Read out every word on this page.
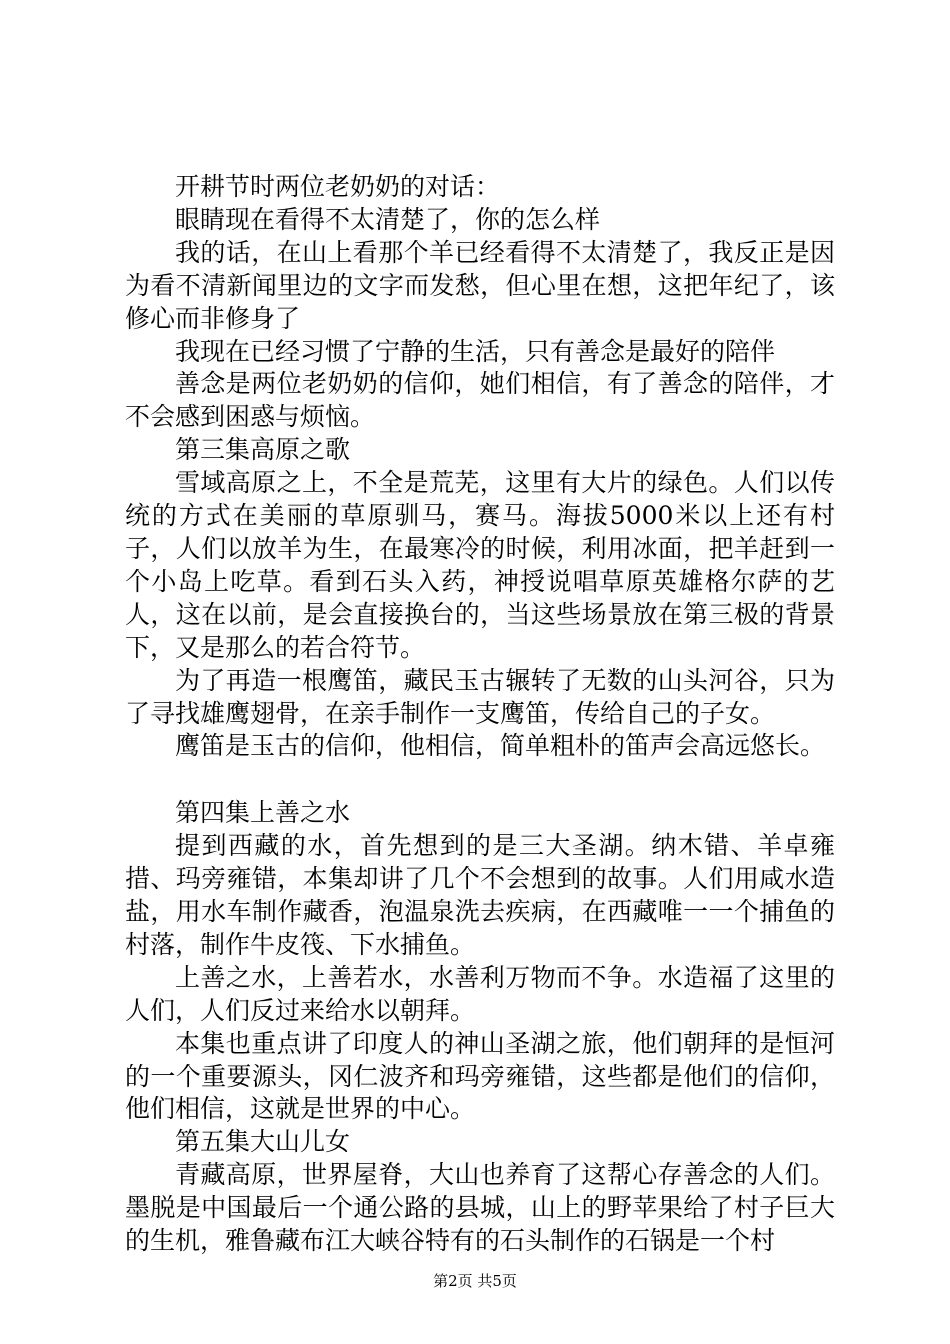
开耕节时两位老奶奶的对话：

眼睛现在看得不太清楚了，你的怎么样

我的话，在山上看那个羊已经看得不太清楚了，我反正是因为看不清新闻里边的文字而发愁，但心里在想，这把年纪了，该修心而非修身了

我现在已经习惯了宁静的生活，只有善念是最好的陪伴

善念是两位老奶奶的信仰，她们相信，有了善念的陪伴，才不会感到困惑与烦恼。

第三集高原之歌

雪域高原之上，不全是荒芜，这里有大片的绿色。人们以传统的方式在美丽的草原驯马，赛马。海拔5000米以上还有村子，人们以放羊为生，在最寒冷的时候，利用冰面，把羊赶到一个小岛上吃草。看到石头入药，神授说唱草原英雄格尔萨的艺人，这在以前，是会直接换台的，当这些场景放在第三极的背景下，又是那么的若合符节。

为了再造一根鹰笛，藏民玉古辗转了无数的山头河谷，只为了寻找雄鹰翅骨，在亲手制作一支鹰笛，传给自己的子女。

鹰笛是玉古的信仰，他相信，简单粗朴的笛声会高远悠长。

第四集上善之水

提到西藏的水，首先想到的是三大圣湖。纳木错、羊卓雍措、玛旁雍错，本集却讲了几个不会想到的故事。人们用咸水造盐，用水车制作藏香，泡温泉洗去疾病，在西藏唯一一个捕鱼的村落，制作牛皮筏、下水捕鱼。

上善之水，上善若水，水善利万物而不争。水造福了这里的人们，人们反过来给水以朝拜。

本集也重点讲了印度人的神山圣湖之旅，他们朝拜的是恒河的一个重要源头，冈仁波齐和玛旁雍错，这些都是他们的信仰，他们相信，这就是世界的中心。

第五集大山儿女

青藏高原，世界屋脊，大山也养育了这帮心存善念的人们。墨脱是中国最后一个通公路的县城，山上的野苹果给了村子巨大的生机，雅鲁藏布江大峡谷特有的石头制作的石锅是一个村

第2页 共5页
